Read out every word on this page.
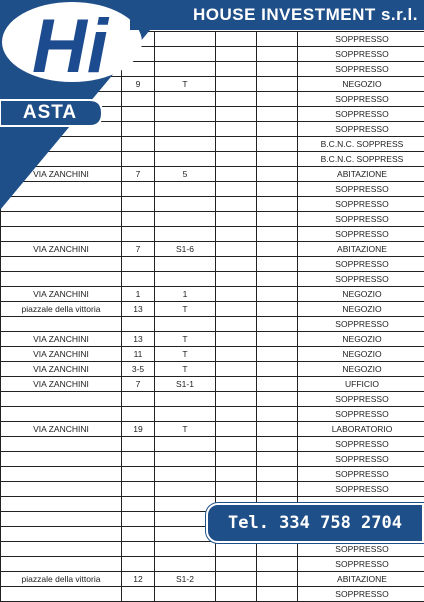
					SOPPRESSO
					SOPPRESSO
					SOPPRESSO
	9	T			NEGOZIO
					SOPPRESSO
					SOPPRESSO
					SOPPRESSO
					B.C.N.C. SOPPRESS
					B.C.N.C. SOPPRESS
VIA ZANCHINI	7	5			ABITAZIONE
					SOPPRESSO
					SOPPRESSO
					SOPPRESSO
					SOPPRESSO
VIA ZANCHINI	7	S1-6			ABITAZIONE
					SOPPRESSO
					SOPPRESSO
VIA ZANCHINI	1	1			NEGOZIO
piazzale della vittoria	13	T			NEGOZIO
					SOPPRESSO
VIA ZANCHINI	13	T			NEGOZIO
VIA ZANCHINI	11	T			NEGOZIO
VIA ZANCHINI	3-5	T			NEGOZIO
VIA ZANCHINI	7	S1-1			UFFICIO
					SOPPRESSO
					SOPPRESSO
VIA ZANCHINI	19	T			LABORATORIO
					SOPPRESSO
					SOPPRESSO
					SOPPRESSO
					SOPPRESSO

					SOPPRESSO
					SOPPRESSO
piazzale della vittoria	12	S1-2			ABITAZIONE
					SOPPRESSO
Hi
ASTA
HOUSE INVESTMENT s.r.l.
Tel. 334 758 2704
